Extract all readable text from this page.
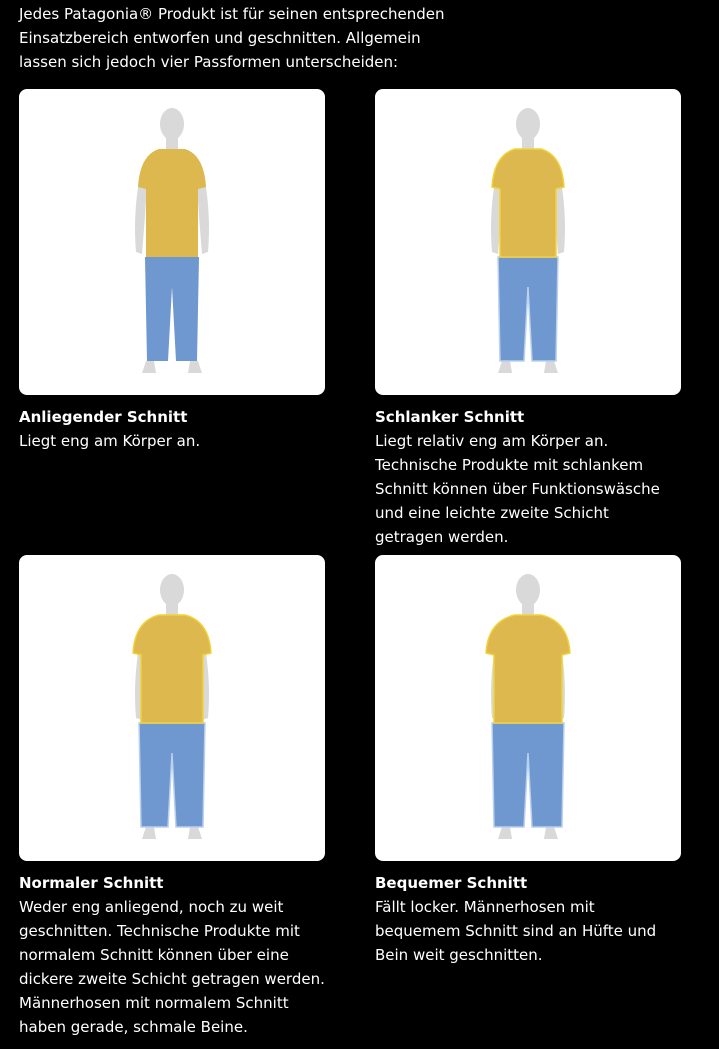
Jedes Patagonia® Produkt ist für seinen entsprechenden Einsatzbereich entworfen und geschnitten. Allgemein lassen sich jedoch vier Passformen unterscheiden:

Anliegender Schnitt

Liegt eng am Körper an.

Schlanker Schnitt

Liegt relativ eng am Körper an. Technische Produkte mit schlankem Schnitt können über Funktionswäsche und eine leichte zweite Schicht getragen werden.

Normaler Schnitt

Weder eng anliegend, noch zu weit geschnitten. Technische Produkte mit normalem Schnitt können über eine dickere zweite Schicht getragen werden. Männerhosen mit normalem Schnitt haben gerade, schmale Beine.

Bequemer Schnitt

Fällt locker. Männerhosen mit bequemem Schnitt sind an Hüfte und Bein weit geschnitten.
